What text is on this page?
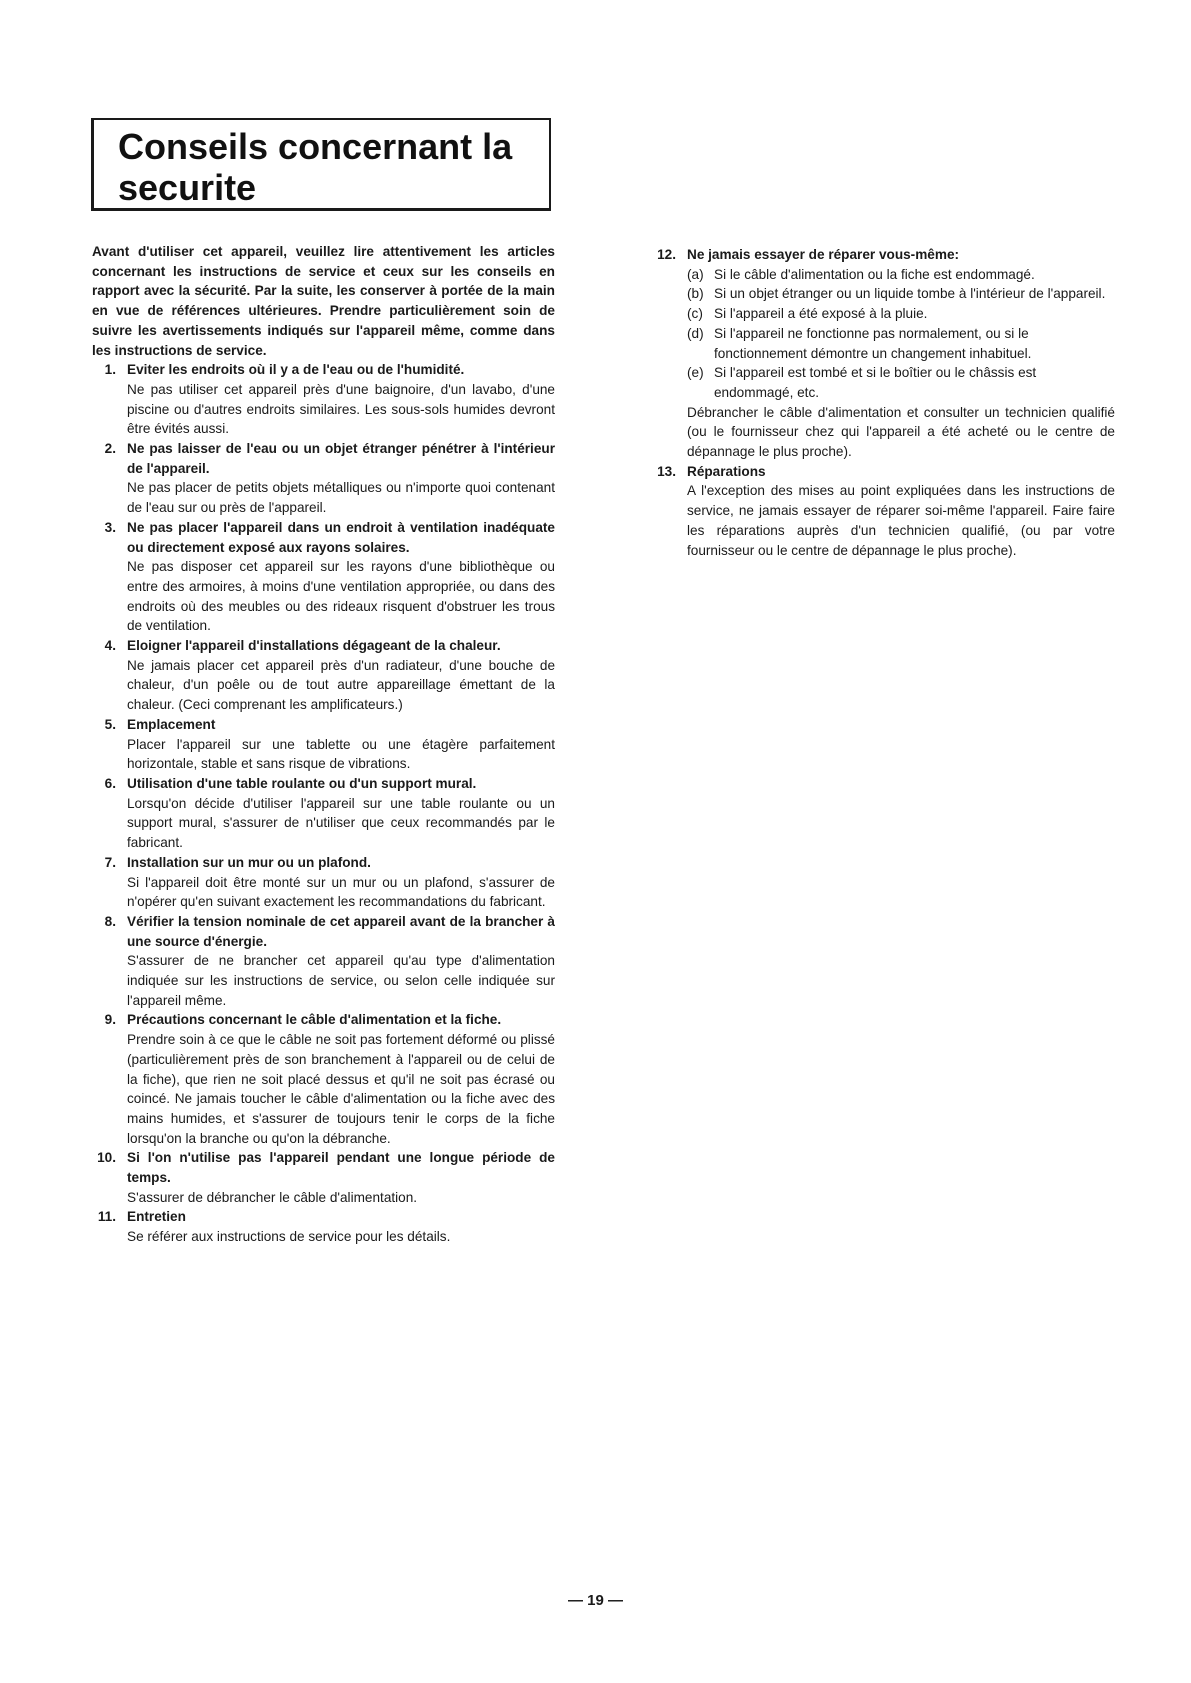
Conseils concernant la securite

Avant d'utiliser cet appareil, veuillez lire attentivement les articles concernant les instructions de service et ceux sur les conseils en rapport avec la sécurité. Par la suite, les conserver à portée de la main en vue de références ultérieures. Prendre particulièrement soin de suivre les avertissements indiqués sur l'appareil même, comme dans les instructions de service.

1. Eviter les endroits où il y a de l'eau ou de l'humidité.

Ne pas utiliser cet appareil près d'une baignoire, d'un lavabo, d'une piscine ou d'autres endroits similaires. Les sous-sols humides devront être évités aussi.

2. Ne pas laisser de l'eau ou un objet étranger pénétrer à l'intérieur de l'appareil.

Ne pas placer de petits objets métalliques ou n'importe quoi contenant de l'eau sur ou près de l'appareil.

3. Ne pas placer l'appareil dans un endroit à ventilation inadéquate ou directement exposé aux rayons solaires.

Ne pas disposer cet appareil sur les rayons d'une bibliothèque ou entre des armoires, à moins d'une ventilation appropriée, ou dans des endroits où des meubles ou des rideaux risquent d'obstruer les trous de ventilation.

4. Eloigner l'appareil d'installations dégageant de la chaleur.

Ne jamais placer cet appareil près d'un radiateur, d'une bouche de chaleur, d'un poêle ou de tout autre appareillage émettant de la chaleur. (Ceci comprenant les amplificateurs.)

5. Emplacement

Placer l'appareil sur une tablette ou une étagère parfaitement horizontale, stable et sans risque de vibrations.

6. Utilisation d'une table roulante ou d'un support mural.

Lorsqu'on décide d'utiliser l'appareil sur une table roulante ou un support mural, s'assurer de n'utiliser que ceux recommandés par le fabricant.

7. Installation sur un mur ou un plafond.

Si l'appareil doit être monté sur un mur ou un plafond, s'assurer de n'opérer qu'en suivant exactement les recommandations du fabricant.

8. Vérifier la tension nominale de cet appareil avant de la brancher à une source d'énergie.

S'assurer de ne brancher cet appareil qu'au type d'alimentation indiquée sur les instructions de service, ou selon celle indiquée sur l'appareil même.

9. Précautions concernant le câble d'alimentation et la fiche.

Prendre soin à ce que le câble ne soit pas fortement déformé ou plissé (particulièrement près de son branchement à l'appareil ou de celui de la fiche), que rien ne soit placé dessus et qu'il ne soit pas écrasé ou coincé. Ne jamais toucher le câble d'alimentation ou la fiche avec des mains humides, et s'assurer de toujours tenir le corps de la fiche lorsqu'on la branche ou qu'on la débranche.

10. Si l'on n'utilise pas l'appareil pendant une longue période de temps.

S'assurer de débrancher le câble d'alimentation.

11. Entretien

Se référer aux instructions de service pour les détails.

12. Ne jamais essayer de réparer vous-même:

(a) Si le câble d'alimentation ou la fiche est endommagé.

(b) Si un objet étranger ou un liquide tombe à l'intérieur de l'appareil.

(c) Si l'appareil a été exposé à la pluie.

(d) Si l'appareil ne fonctionne pas normalement, ou si le fonctionnement démontre un changement inhabituel.

(e) Si l'appareil est tombé et si le boîtier ou le châssis est endommagé, etc.

Débrancher le câble d'alimentation et consulter un technicien qualifié (ou le fournisseur chez qui l'appareil a été acheté ou le centre de dépannage le plus proche).

13. Réparations

A l'exception des mises au point expliquées dans les instructions de service, ne jamais essayer de réparer soi-même l'appareil. Faire faire les réparations auprès d'un technicien qualifié, (ou par votre fournisseur ou le centre de dépannage le plus proche).

— 19 —
